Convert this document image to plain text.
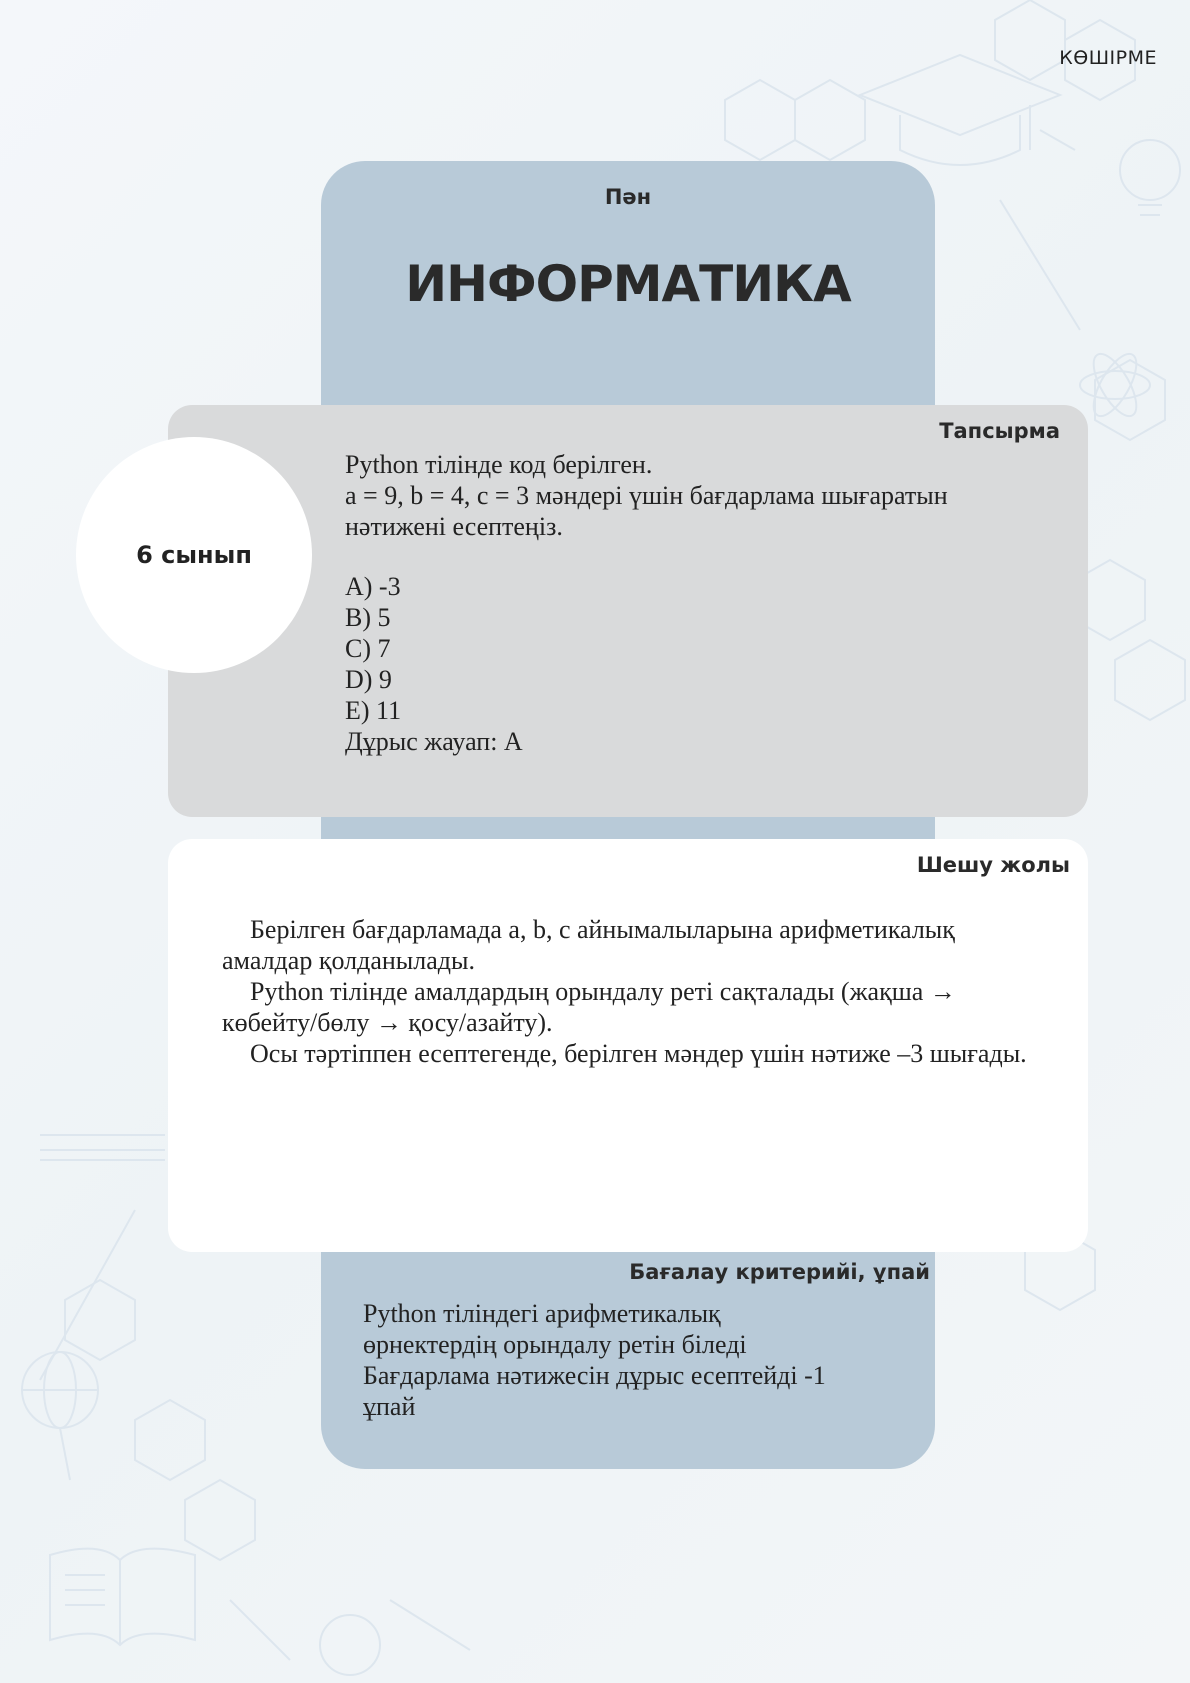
КӨШІРМЕ
Пән
ИНФОРМАТИКА
Тапсырма

Python тілінде код берілген.

a = 9, b = 4, c = 3 мәндері үшін бағдарлама шығаратын

нәтижені есептеңіз.

A) -3

B) 5

C) 7

D) 9

E) 11

Дұрыс жауап: А

6 сынып
Шешу жолы

Берілген бағдарламада a, b, c айнымалыларына арифметикалық амалдар қолданылады.

Python тілінде амалдардың орындалу реті сақталады (жақша → көбейту/бөлу → қосу/азайту).

Осы тәртіппен есептегенде, берілген мәндер үшін нәтиже –3 шығады.

Бағалау критерийі, ұпай

Python тіліндегі арифметикалық

өрнектердің орындалу ретін біледі

Бағдарлама нәтижесін дұрыс есептейді -1

ұпай
